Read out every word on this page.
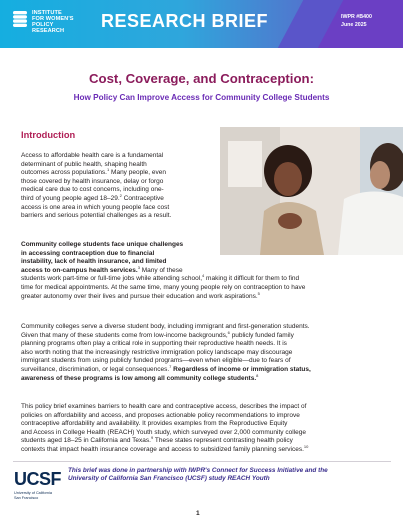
INSTITUTE
FOR WOMEN'S
POLICY
RESEARCH	RESEARCH BRIEF	IWPR #B400
June 2025
Cost, Coverage, and Contraception:
How Policy Can Improve Access for Community College Students
Introduction
Access to affordable health care is a fundamental
determinant of public health, shaping health
outcomes across populations.$^1$ Many people, even
those covered by health insurance, delay or forgo
medical care due to cost concerns, including one-
third of young people aged 18–29.$^2$ Contraceptive
access is one area in which young people face cost
barriers and serious potential challenges as a result.
Community college students face unique challenges
in accessing contraception due to financial
instability, lack of health insurance, and limited
access to on-campus health services.$^3$ Many of these
students work part-time or full-time jobs while attending school,$^4$ making it difficult for them to find
time for medical appointments. At the same time, many young people rely on contraception to have
greater autonomy over their lives and pursue their education and work aspirations.$^5$
Community colleges serve a diverse student body, including immigrant and first-generation students.
Given that many of these students come from low-income backgrounds,$^6$ publicly funded family
planning programs often play a critical role in supporting their reproductive health needs. It is
also worth noting that the increasingly restrictive immigration policy landscape may discourage
immigrant students from using publicly funded programs—even when eligible—due to fears of
surveillance, discrimination, or legal consequences.$^7$ Regardless of income or immigration status,
awareness of these programs is low among all community college students.$^8$
This policy brief examines barriers to health care and contraceptive access, describes the impact of
policies on affordability and access, and proposes actionable policy recommendations to improve
contraceptive affordability and availability. It provides examples from the Reproductive Equity
and Access in College Health (REACH) Youth study, which surveyed over 2,000 community college
students aged 18–25 in California and Texas.$^9$ These states represent contrasting health policy
contexts that impact health insurance coverage and access to subsidized family planning services.$^{10}$
UCSF
University of California
San Francisco
This brief was done in partnership with IWPR's Connect for Success Initiative and the
University of California San Francisco (UCSF) study REACH Youth
1
